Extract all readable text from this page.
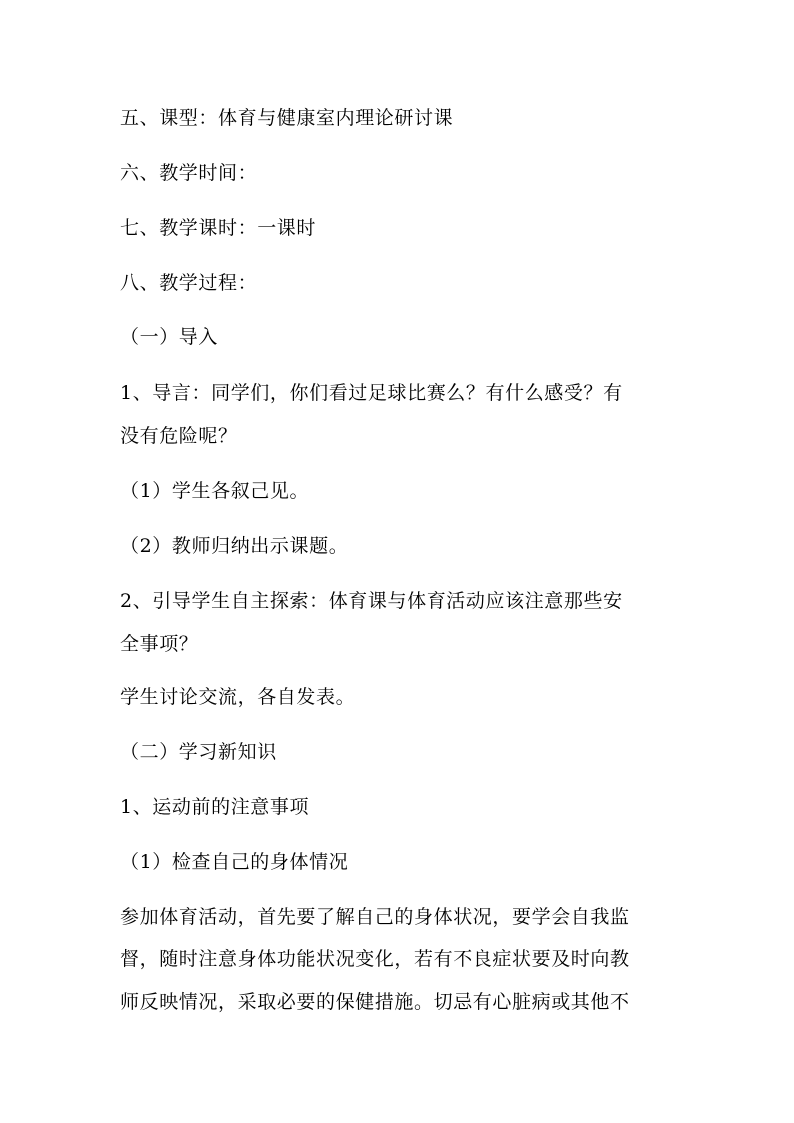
五、课型：体育与健康室内理论研讨课
六、教学时间：
七、教学课时：一课时
八、教学过程：
（一）导入
1、导言：同学们，你们看过足球比赛么？有什么感受？有
没有危险呢？
（1）学生各叙己见。
（2）教师归纳出示课题。
2、引导学生自主探索：体育课与体育活动应该注意那些安
全事项？
学生讨论交流，各自发表。
（二）学习新知识
1、运动前的注意事项
（1）检查自己的身体情况
参加体育活动，首先要了解自己的身体状况，要学会自我监
督，随时注意身体功能状况变化，若有不良症状要及时向教
师反映情况，采取必要的保健措施。切忌有心脏病或其他不
